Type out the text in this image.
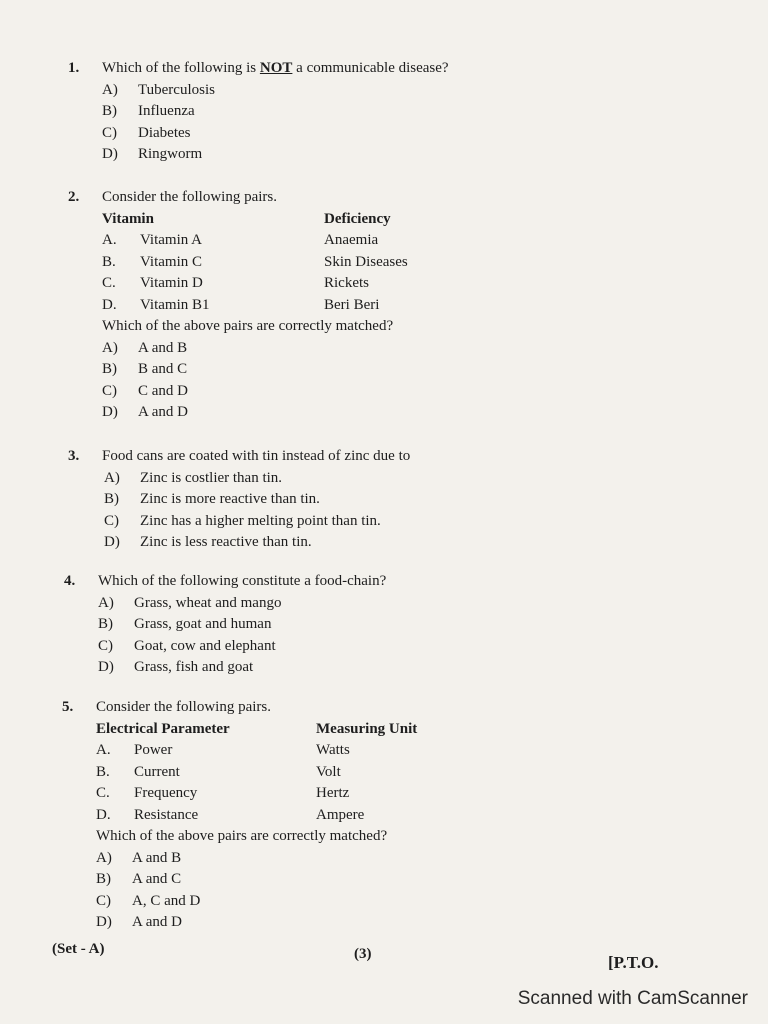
1.	Which of the following is NOT a communicable disease?
A)	Tuberculosis
B)	Influenza
C)	Diabetes
D)	Ringworm
2.	Consider the following pairs.
Vitamin	Deficiency
A.	Vitamin A	Anaemia
B.	Vitamin C	Skin Diseases
C.	Vitamin D	Rickets
D.	Vitamin B1	Beri Beri
Which of the above pairs are correctly matched?
A)	A and B
B)	B and C
C)	C and D
D)	A and D
3.	Food cans are coated with tin instead of zinc due to
A)	Zinc is costlier than tin.
B)	Zinc is more reactive than tin.
C)	Zinc has a higher melting point than tin.
D)	Zinc is less reactive than tin.
4.	Which of the following constitute a food-chain?
A)	Grass, wheat and mango
B)	Grass, goat and human
C)	Goat, cow and elephant
D)	Grass, fish and goat
5.	Consider the following pairs.
Electrical Parameter	Measuring Unit
A.	Power	Watts
B.	Current	Volt
C.	Frequency	Hertz
D.	Resistance	Ampere
Which of the above pairs are correctly matched?
A)	A and B
B)	A and C
C)	A, C and D
D)	A and D
(Set - A)	(3)	[P.T.O.
Scanned with CamScanner
